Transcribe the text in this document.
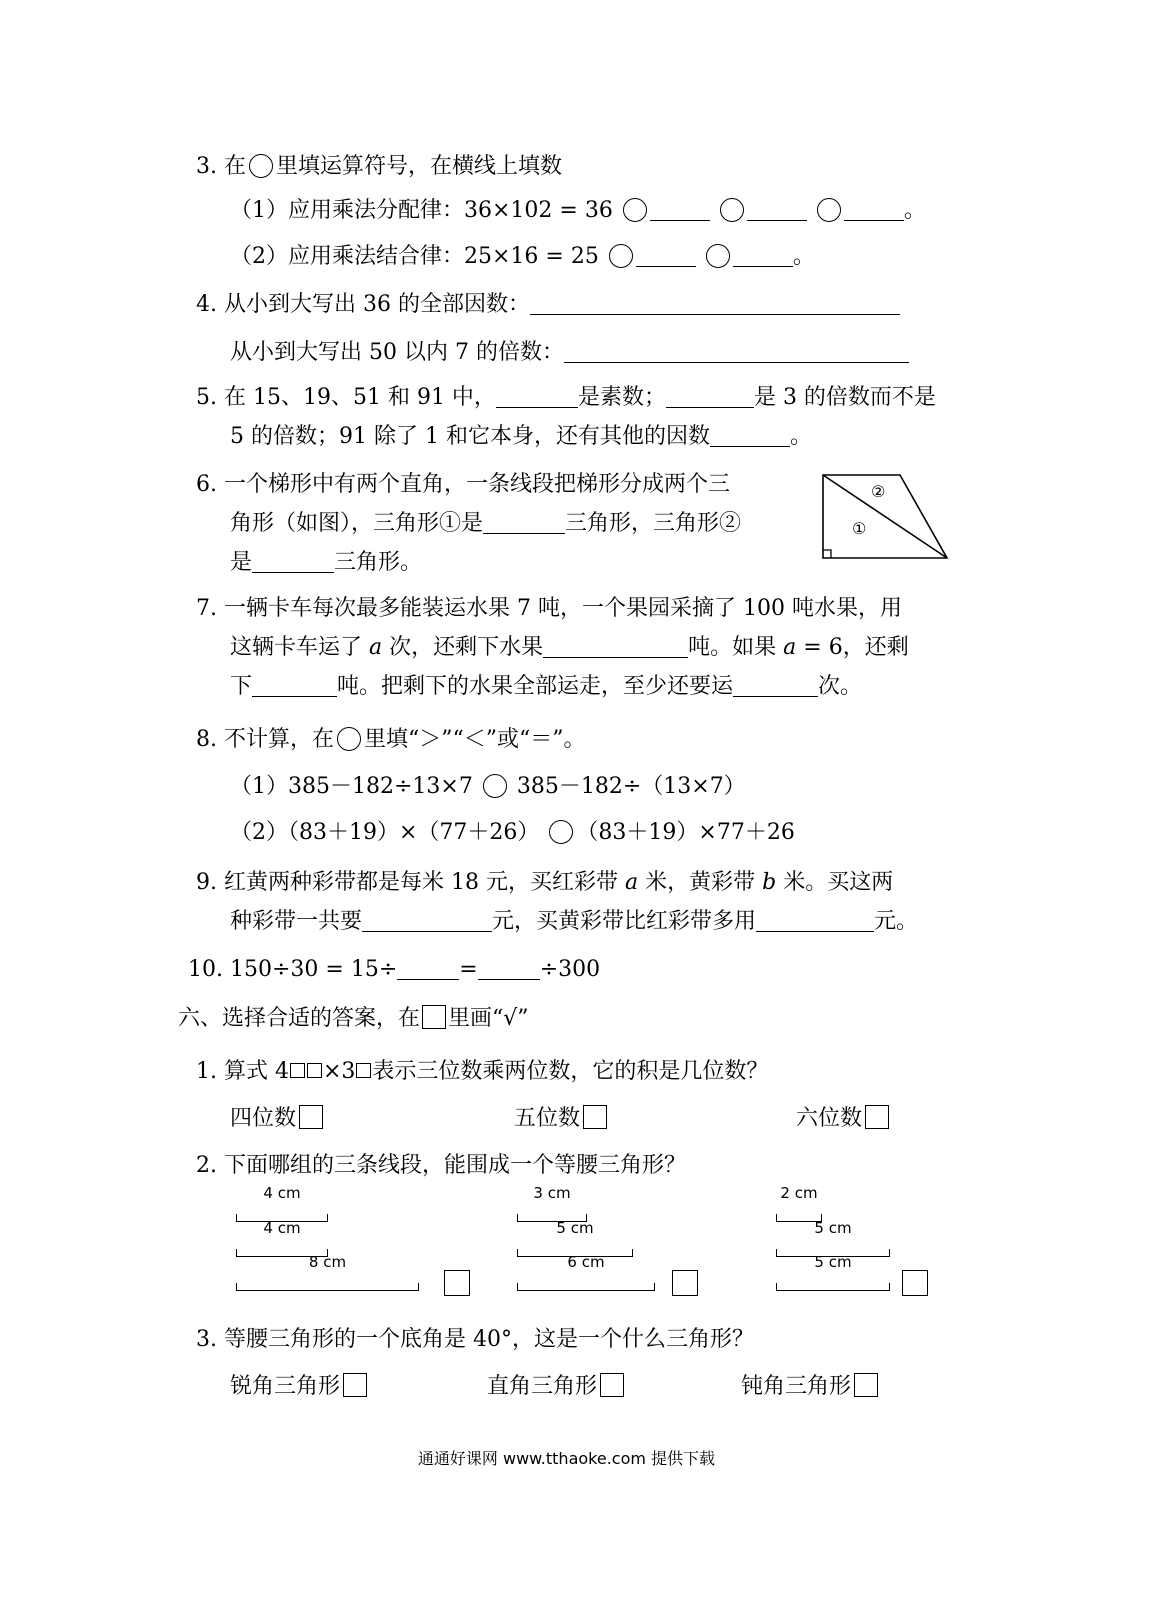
3. 在 里填运算符号，在横线上填数
（1）应用乘法分配律：36×102 = 36	。
（2）应用乘法结合律：25×16 = 25	。
4. 从小到大写出 36 的全部因数：
从小到大写出 50 以内 7 的倍数：
5. 在 15、19、51 和 91 中，	是素数；	是 3 的倍数而不是
5 的倍数；91 除了 1 和它本身，还有其他的因数	。
6. 一个梯形中有两个直角，一条线段把梯形分成两个三
角形（如图），三角形①是	三角形，三角形②
是	三角形。
①
②
7. 一辆卡车每次最多能装运水果 7 吨，一个果园采摘了 100 吨水果，用
这辆卡车运了 a 次，还剩下水果	吨。如果 a = 6，还剩
下	吨。把剩下的水果全部运走，至少还要运	次。
8. 不计算，在 里填“＞”“＜”或“＝”。
（1）385－182÷13×7 385－182÷（13×7）
（2）（83＋19）×（77＋26） （83＋19）×77＋26
9. 红黄两种彩带都是每米 18 元，买红彩带 a 米，黄彩带 b 米。买这两
种彩带一共要	元，买黄彩带比红彩带多用	元。
10. 150÷30 = 15÷	=	÷300
六、选择合适的答案，在 里画“√”
1. 算式 4 ×3 表示三位数乘两位数，它的积是几位数？
四位数	五位数	六位数
2. 下面哪组的三条线段，能围成一个等腰三角形？
4 cm
4 cm
8 cm
3 cm
5 cm
6 cm
2 cm
5 cm
5 cm
3. 等腰三角形的一个底角是 40°，这是一个什么三角形？
锐角三角形	直角三角形	钝角三角形
通通好课网 www.tthaoke.com 提供下载
